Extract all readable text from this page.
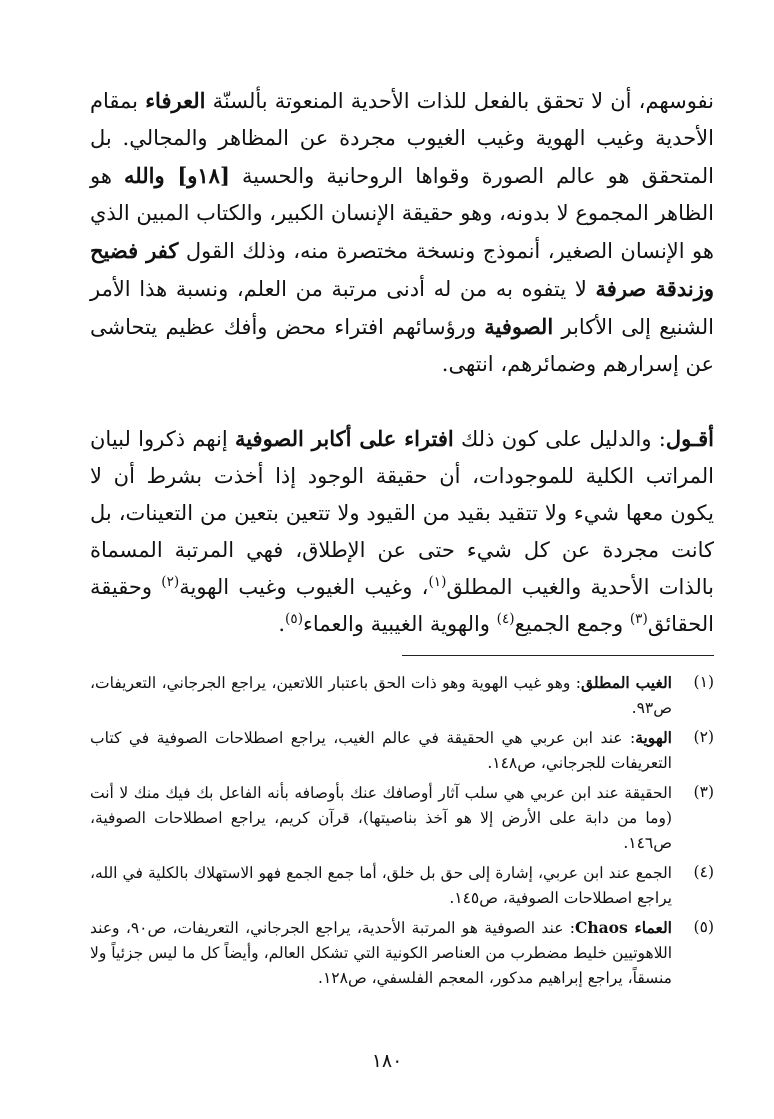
نفوسهم، أن لا تحقق بالفعل للذات الأحدية المنعوتة بألسنّة العرفاء بمقام الأحدية وغيب الهوية وغيب الغيوب مجردة عن المظاهر والمجالي. بل المتحقق هو عالم الصورة وقواها الروحانية والحسية [١٨و] والله هو الظاهر المجموع لا بدونه، وهو حقيقة الإنسان الكبير، والكتاب المبين الذي هو الإنسان الصغير، أنموذج ونسخة مختصرة منه، وذلك القول كفر فضيح وزندقة صرفة لا يتفوه به من له أدنى مرتبة من العلم، ونسبة هذا الأمر الشنيع إلى الأكابر الصوفية ورؤسائهم افتراء محض وأفك عظيم يتحاشى عن إسرارهم وضمائرهم، انتهى.

أقـول: والدليل على كون ذلك افتراء على أكابر الصوفية إنهم ذكروا لبيان المراتب الكلية للموجودات، أن حقيقة الوجود إذا أخذت بشرط أن لا يكون معها شيء ولا تتقيد بقيد من القيود ولا تتعين بتعين من التعينات، بل كانت مجردة عن كل شيء حتى عن الإطلاق، فهي المرتبة المسماة بالذات الأحدية والغيب المطلق$^{(١)}$، وغيب الغيوب وغيب الهوية$^{(٢)}$ وحقيقة الحقائق$^{(٣)}$ وجمع الجميع$^{(٤)}$ والهوية الغيبية والعماء$^{(٥)}$.

(١)
الغيب المطلق: وهو غيب الهوية وهو ذات الحق باعتبار اللاتعين، يراجع الجرجاني، التعريفات، ص٩٣.
(٢)
الهوية: عند ابن عربي هي الحقيقة في عالم الغيب، يراجع اصطلاحات الصوفية في كتاب التعريفات للجرجاني، ص١٤٨.
(٣)
الحقيقة عند ابن عربي هي سلب آثار أوصافك عنك بأوصافه بأنه الفاعل بك فيك منك لا أنت (وما من دابة على الأرض إلا هو آخذ بناصيتها)، قرآن كريم، يراجع اصطلاحات الصوفية، ص١٤٦.
(٤)
الجمع عند ابن عربي، إشارة إلى حق بل خلق، أما جمع الجمع فهو الاستهلاك بالكلية في الله، يراجع اصطلاحات الصوفية، ص١٤٥.
(٥)
العماء Chaos: عند الصوفية هو المرتبة الأحدية، يراجع الجرجاني، التعريفات، ص٩٠، وعند اللاهوتيين خليط مضطرب من العناصر الكونية التي تشكل العالم، وأيضاً كل ما ليس جزئياً ولا منسقاً، يراجع إبراهيم مدكور، المعجم الفلسفي، ص١٢٨.
١٨٠
